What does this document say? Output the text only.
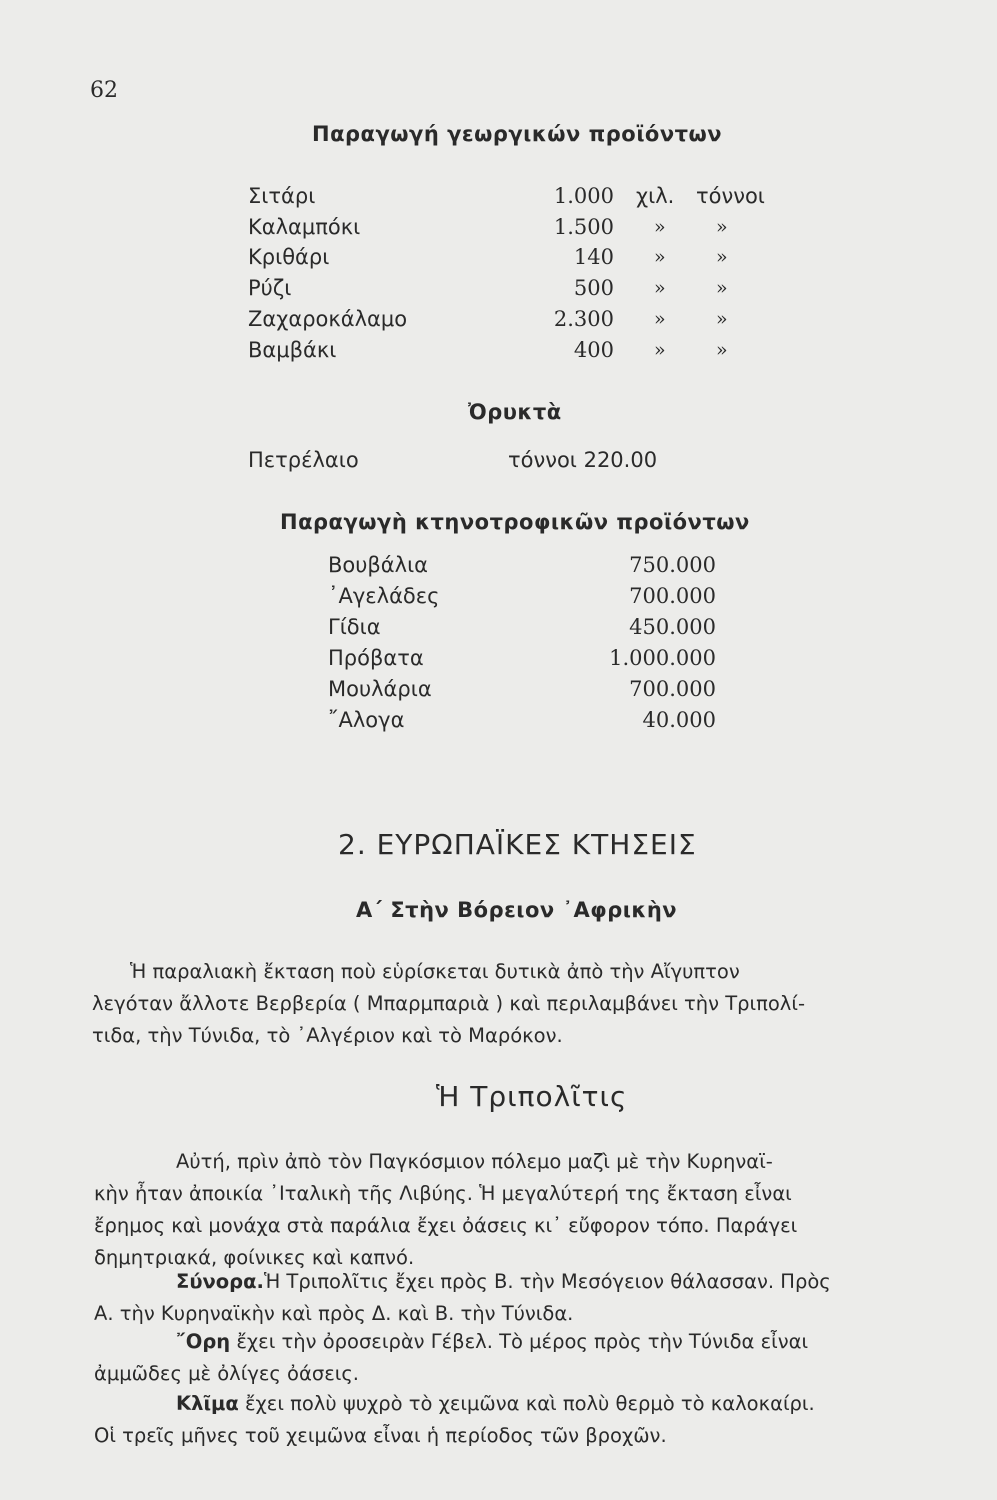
62
Παραγωγή γεωργικών προϊόντων
Σιτάρι	1.000 χιλ. τόννοι
Καλαμπόκι	1.500 »	»
Κριθάρι	140 »	»
Ρύζι	500 »	»
Ζαχαροκάλαμο	2.300 »	»
Βαμβάκι	400 »	»
Ὀρυκτὰ
Πετρέλαιο	τόννοι 220.00
Παραγωγὴ κτηνοτροφικῶν προϊόντων
Βουβάλια	750.000
᾽Αγελάδες	700.000
Γίδια	450.000
Πρόβατα	1.000.000
Μουλάρια	700.000
῎Αλογα	40.000
2. ΕΥΡΩΠΑΪΚΕΣ ΚΤΗΣΕΙΣ
Α΄ Στὴν Βόρειον ᾽Αφρικὴν
Ἡ παραλιακὴ ἔκταση ποὺ εὑρίσκεται δυτικὰ ἀπὸ τὴν Αἴγυπτον
λεγόταν ἄλλοτε Βερβερία ( Μπαρμπαριὰ ) καὶ περιλαμβάνει τὴν Τριπολί-
τιδα, τὴν Τύνιδα, τὸ ᾽Αλγέριον καὶ τὸ Μαρόκον.
Ἡ Τριπολῖτις
Αὐτή, πρὶν ἀπὸ τὸν Παγκόσμιον πόλεμο μαζὶ μὲ τὴν Κυρηναϊ-
κὴν ἦταν ἀποικία ᾽Ιταλικὴ τῆς Λιβύης. Ἡ μεγαλύτερή της ἔκταση εἶναι
ἔρημος καὶ μονάχα στὰ παράλια ἔχει ὀάσεις κι᾽ εὔφορον τόπο. Παράγει
δημητριακά, φοίνικες καὶ καπνό.
Σύνορα.Ἡ Τριπολῖτις ἔχει πρὸς Β. τὴν Μεσόγειον θάλασσαν. Πρὸς
Α. τὴν Κυρηναϊκὴν καὶ πρὸς Δ. καὶ Β. τὴν Τύνιδα.
῎Ορη ἔχει τὴν ὀροσειρὰν Γέβελ. Τὸ μέρος πρὸς τὴν Τύνιδα εἶναι
ἀμμῶδες μὲ ὀλίγες ὀάσεις.
Κλῖμα ἔχει πολὺ ψυχρὸ τὸ χειμῶνα καὶ πολὺ θερμὸ τὸ καλοκαίρι.
Οἱ τρεῖς μῆνες τοῦ χειμῶνα εἶναι ἡ περίοδος τῶν βροχῶν.
